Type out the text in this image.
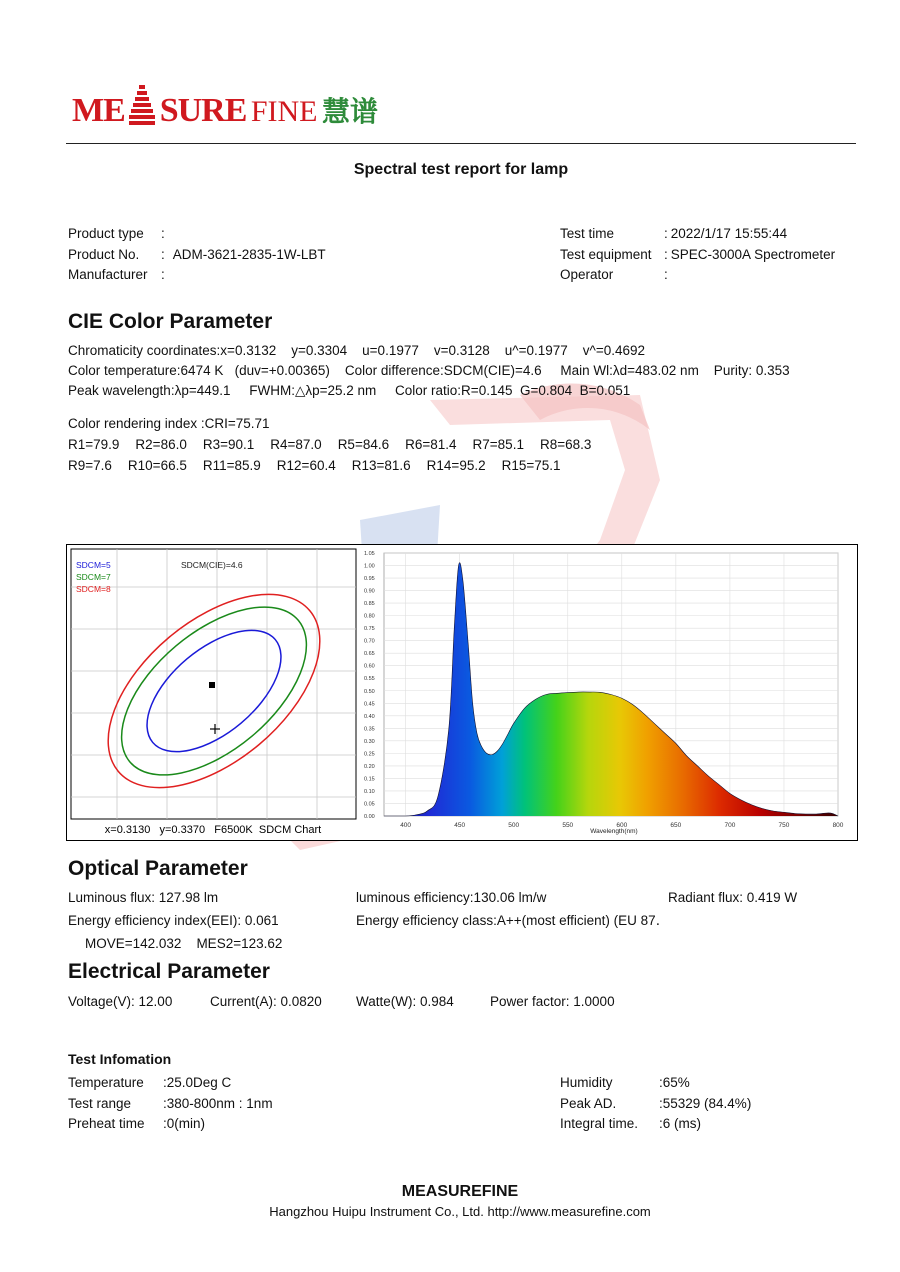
ME SURE FINE 慧谱
Spectral test report for lamp
Product type :
Product No. : ADM-3621-2835-1W-LBT
Manufacturer :
Test time	: 2022/1/17 15:55:44
Test equipment : SPEC-3000A Spectrometer
Operator	:
CIE Color Parameter
Chromaticity coordinates:x=0.3132    y=0.3304    u=0.1977    v=0.3128    u^=0.1977    v^=0.4692
Color temperature:6474 K   (duv=+0.00365)    Color difference:SDCM(CIE)=4.6     Main Wl:λd=483.02 nm    Purity: 0.353
Peak wavelength:λp=449.1     FWHM:△λp=25.2 nm     Color ratio:R=0.145  G=0.804  B=0.051
Color rendering index :CRI=75.71
R1=79.9 R2=86.0 R3=90.1 R4=87.0 R5=84.6 R6=81.4 R7=85.1 R8=68.3
R9=7.6 R10=66.5 R11=85.9 R12=60.4 R13=81.6 R14=95.2 R15=75.1
SDCM=5
SDCM=7
SDCM=8
SDCM(CIE)=4.6
x=0.3130   y=0.3370   F6500K  SDCM Chart
0.00
0.05
0.10
0.15
0.20
0.25
0.30
0.35
0.40
0.45
0.50
0.55
0.60
0.65
0.70
0.75
0.80
0.85
0.90
0.95
1.00
1.05
400	450	500	550	600	650	700	750	800
Wavelength(nm)
Optical Parameter
Luminous flux: 127.98 lm	luminous efficiency:130.06 lm/w	Radiant flux: 0.419 W
Energy efficiency index(EEI): 0.061	Energy efficiency class:A++(most efficient) (EU 87․
MOVE=142.032    MES2=123.62
Electrical Parameter
Voltage(V): 12.00	Current(A): 0.0820	Watte(W): 0.984	Power factor: 1.0000
Test Infomation
Temperature :25.0Deg C
Test range :380-800nm : 1nm
Preheat time :0(min)
Humidity	:65%
Peak AD.	:55329 (84.4%)
Integral time. :6 (ms)
MEASUREFINE
Hangzhou Huipu Instrument Co., Ltd. http://www.measurefine.com
